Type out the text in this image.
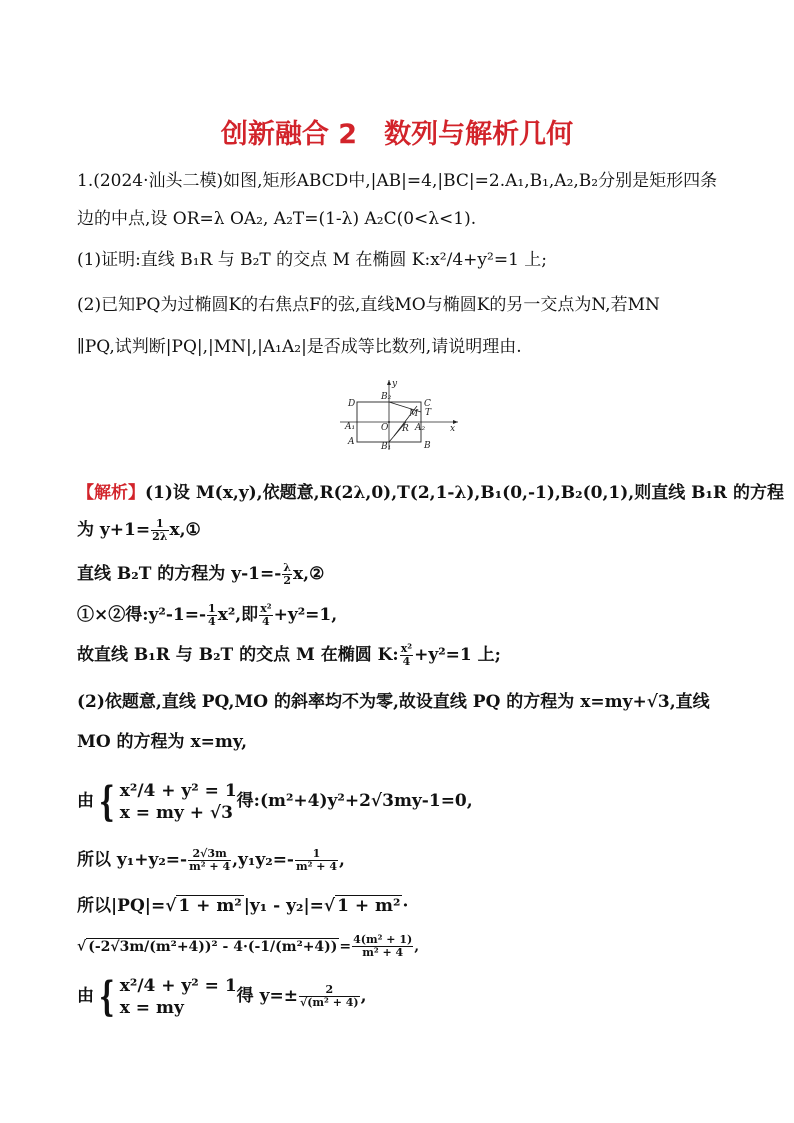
创新融合 2　数列与解析几何
1.(2024·汕头二模)如图,矩形ABCD中,|AB|=4,|BC|=2.A₁,B₁,A₂,B₂分别是矩形四条
边的中点,设 OR=λ OA₂, A₂T=(1-λ) A₂C(0<λ<1).
(1)证明:直线 B₁R 与 B₂T 的交点 M 在椭圆 K:x²/4+y²=1 上;
(2)已知PQ为过椭圆K的右焦点F的弦,直线MO与椭圆K的另一交点为N,若MN
∥PQ,试判断|PQ|,|MN|,|A₁A₂|是否成等比数列,请说明理由.
D	C
A	B
B₂
B₁
A₁	A₂
O R
M T
x
y
【解析】(1)设 M(x,y),依题意,R(2λ,0),T(2,1-λ),B₁(0,-1),B₂(0,1),则直线 B₁R 的方程
为 $y+1= \frac{1}{2\lambda}$ x,①
直线 B₂T 的方程为 $y-1=- \frac{\lambda}{2}$ x,②
①×②得:y²-1=- $\frac{1}{4} x^2$,即 $\frac{\text{x²}}{4} +y^2=1$,
故直线 B₁R 与 B₂T 的交点 M 在椭圆 K: $\frac{\text{x²}}{4} +y^2=1$ 上;
(2)依题意,直线 PQ,MO 的斜率均不为零,故设直线 PQ 的方程为 x=my+√3,直线
MO 的方程为 x=my,
由 { x²/4 + y² = 1
x = my + √3
得:(m²+4)y²+2√3my-1=0,
所以 $y_1+y_2=- \frac{2√3m}{\text{m² + 4}} ,y_1y_2=- \frac{1}{\text{m² + 4}}$ ,
所以|PQ|=√ 1 + m² |y₁ - y₂|=√ 1 + m² ·
√ $(-2√3m/(m^2+4))^2 - 4\cdot(-1/(m^2+4)) = \frac{\text{4(m² + 1)}}{\text{m² + 4}}$ ,
由 { x²/4 + y² = 1
x = my
得 $y=\pm \frac{2}{\text{√(m² + 4)}}$ ,
